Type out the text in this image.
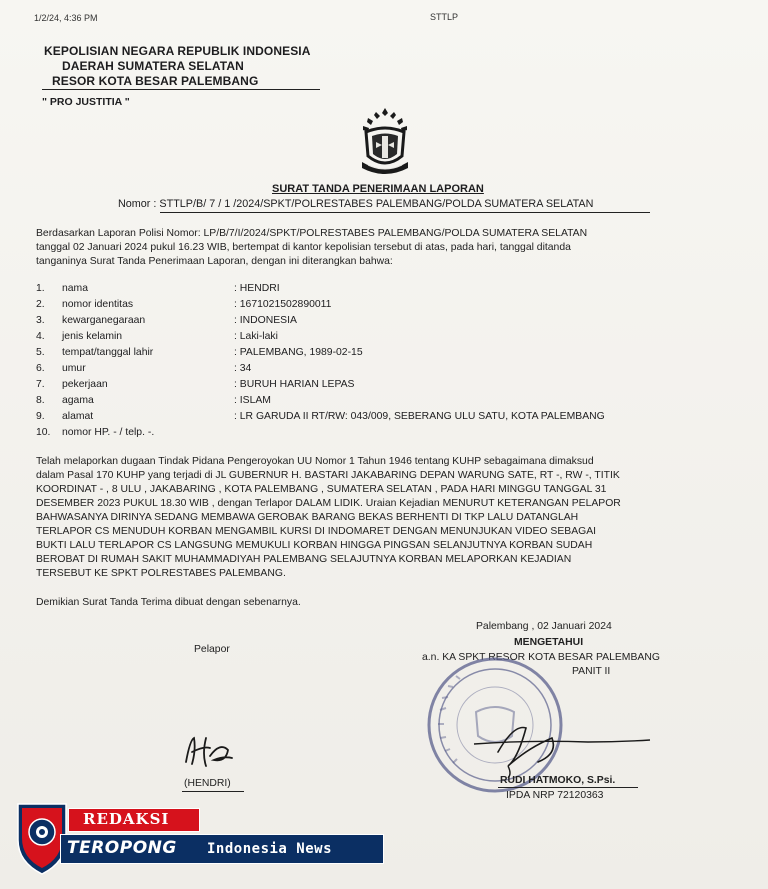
1/2/24, 4:36 PM	STTLP
KEPOLISIAN NEGARA REPUBLIK INDONESIA
DAERAH SUMATERA SELATAN
RESOR KOTA BESAR PALEMBANG
" PRO JUSTITIA "
SURAT TANDA PENERIMAAN LAPORAN
Nomor : STTLP/B/ 7 / 1 /2024/SPKT/POLRESTABES PALEMBANG/POLDA SUMATERA SELATAN
Berdasarkan Laporan Polisi Nomor: LP/B/7/I/2024/SPKT/POLRESTABES PALEMBANG/POLDA SUMATERA SELATAN
tanggal 02 Januari 2024 pukul 16.23 WIB, bertempat di kantor kepolisian tersebut di atas, pada hari, tanggal ditanda
tanganinya Surat Tanda Penerimaan Laporan, dengan ini diterangkan bahwa:
1.	nama	: HENDRI
2.	nomor identitas	: 1671021502890011
3.	kewarganegaraan	: INDONESIA
4.	jenis kelamin	: Laki-laki
5.	tempat/tanggal lahir	: PALEMBANG, 1989-02-15
6.	umur	: 34
7.	pekerjaan	: BURUH HARIAN LEPAS
8.	agama	: ISLAM
9.	alamat	: LR GARUDA II RT/RW: 043/009, SEBERANG ULU SATU, KOTA PALEMBANG
10.	nomor HP. - / telp. -.
Telah melaporkan dugaan Tindak Pidana Pengeroyokan UU Nomor 1 Tahun 1946 tentang KUHP sebagaimana dimaksud
dalam Pasal 170 KUHP yang terjadi di JL GUBERNUR H. BASTARI JAKABARING DEPAN WARUNG SATE, RT -, RW -, TITIK
KOORDINAT - , 8 ULU , JAKABARING , KOTA PALEMBANG , SUMATERA SELATAN , PADA HARI MINGGU TANGGAL 31
DESEMBER 2023 PUKUL 18.30 WIB , dengan Terlapor DALAM LIDIK. Uraian Kejadian MENURUT KETERANGAN PELAPOR
BAHWASANYA DIRINYA SEDANG MEMBAWA GEROBAK BARANG BEKAS BERHENTI DI TKP LALU DATANGLAH
TERLAPOR CS MENUDUH KORBAN MENGAMBIL KURSI DI INDOMARET DENGAN MENUNJUKAN VIDEO SEBAGAI
BUKTI LALU TERLAPOR CS LANGSUNG MEMUKULI KORBAN HINGGA PINGSAN SELANJUTNYA KORBAN SUDAH
BEROBAT DI RUMAH SAKIT MUHAMMADIYAH PALEMBANG SELAJUTNYA KORBAN MELAPORKAN KEJADIAN
TERSEBUT KE SPKT POLRESTABES PALEMBANG.
Demikian Surat Tanda Terima dibuat dengan sebenarnya.
Palembang , 02 Januari 2024
Pelapor
MENGETAHUI
a.n. KA SPKT RESOR KOTA BESAR PALEMBANG
PANIT II
(HENDRI)	RUDI HATMOKO, S.Psi.
IPDA NRP 72120363
REDAKSI
TEROPONG Indonesia News
